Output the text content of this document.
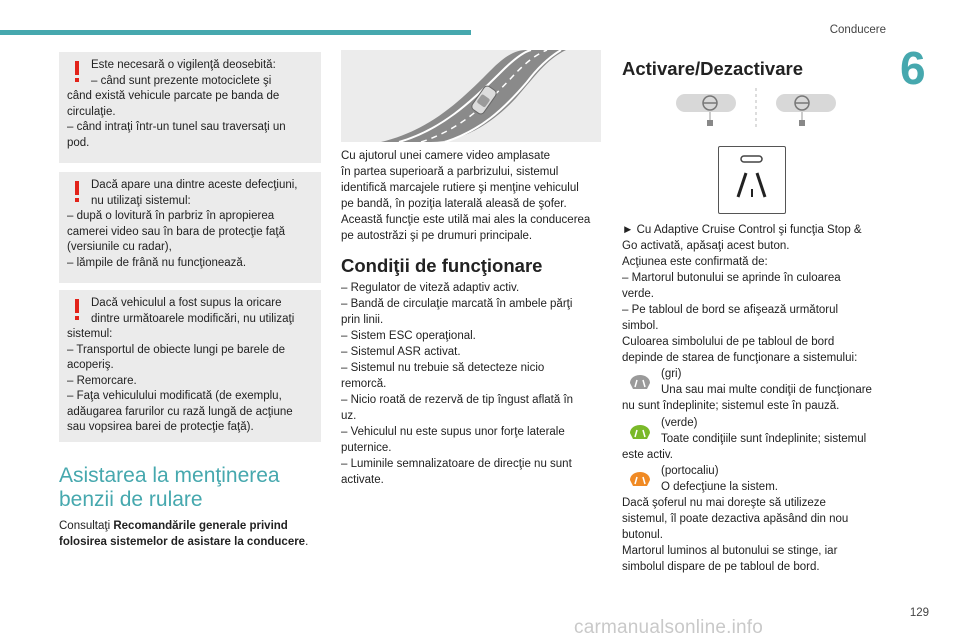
Conducere
6

Este necesară o vigilenţă deosebită:

– când sunt prezente motociclete şi

când există vehicule parcate pe banda de

circulaţie.

– când intraţi într-un tunel sau traversaţi un

pod.

Dacă apare una dintre aceste defecţiuni,

nu utilizaţi sistemul:

– după o lovitură în parbriz în apropierea

camerei video sau în bara de protecţie faţă

(versiunile cu radar),

– lămpile de frână nu funcţionează.

Dacă vehiculul a fost supus la oricare

dintre următoarele modificări, nu utilizaţi

sistemul:

– Transportul de obiecte lungi pe barele de

acoperiş.

– Remorcare.

– Faţa vehiculului modificată (de exemplu,

adăugarea farurilor cu rază lungă de acţiune

sau vopsirea barei de protecţie faţă).

Asistarea la menţinerea
benzii de rulare
Consultaţi Recomandările generale privind
folosirea sistemelor de asistare la conducere.
Cu ajutorul unei camere video amplasate
în partea superioară a parbrizului, sistemul
identifică marcajele rutiere şi menţine vehiculul
pe bandă, în poziţia laterală aleasă de şofer.
Această funcţie este utilă mai ales la conducerea
pe autostrăzi şi pe drumuri principale.
Condiţii de funcţionare
– Regulator de viteză adaptiv activ.
– Bandă de circulaţie marcată în ambele părţi
prin linii.
– Sistem ESC operaţional.
– Sistemul ASR activat.
– Sistemul nu trebuie să detecteze nicio
remorcă.
– Nicio roată de rezervă de tip îngust aflată în
uz.
– Vehiculul nu este supus unor forţe laterale
puternice.
– Luminile semnalizatoare de direcţie nu sunt
activate.
Activare/Dezactivare
► Cu Adaptive Cruise Control şi funcţia Stop &
Go activată, apăsaţi acest buton.
Acţiunea este confirmată de:
– Martorul butonului se aprinde în culoarea
verde.
– Pe tabloul de bord se afişează următorul
simbol.
Culoarea simbolului de pe tabloul de bord
depinde de starea de funcţionare a sistemului:
(gri)
Una sau mai multe condiţii de funcţionare
nu sunt îndeplinite; sistemul este în pauză.
(verde)
Toate condiţiile sunt îndeplinite; sistemul
este activ.
(portocaliu)
O defecţiune la sistem.
Dacă şoferul nu mai doreşte să utilizeze
sistemul, îl poate dezactiva apăsând din nou
butonul.
Martorul luminos al butonului se stinge, iar
simbolul dispare de pe tabloul de bord.
129
carmanualsonline.info
